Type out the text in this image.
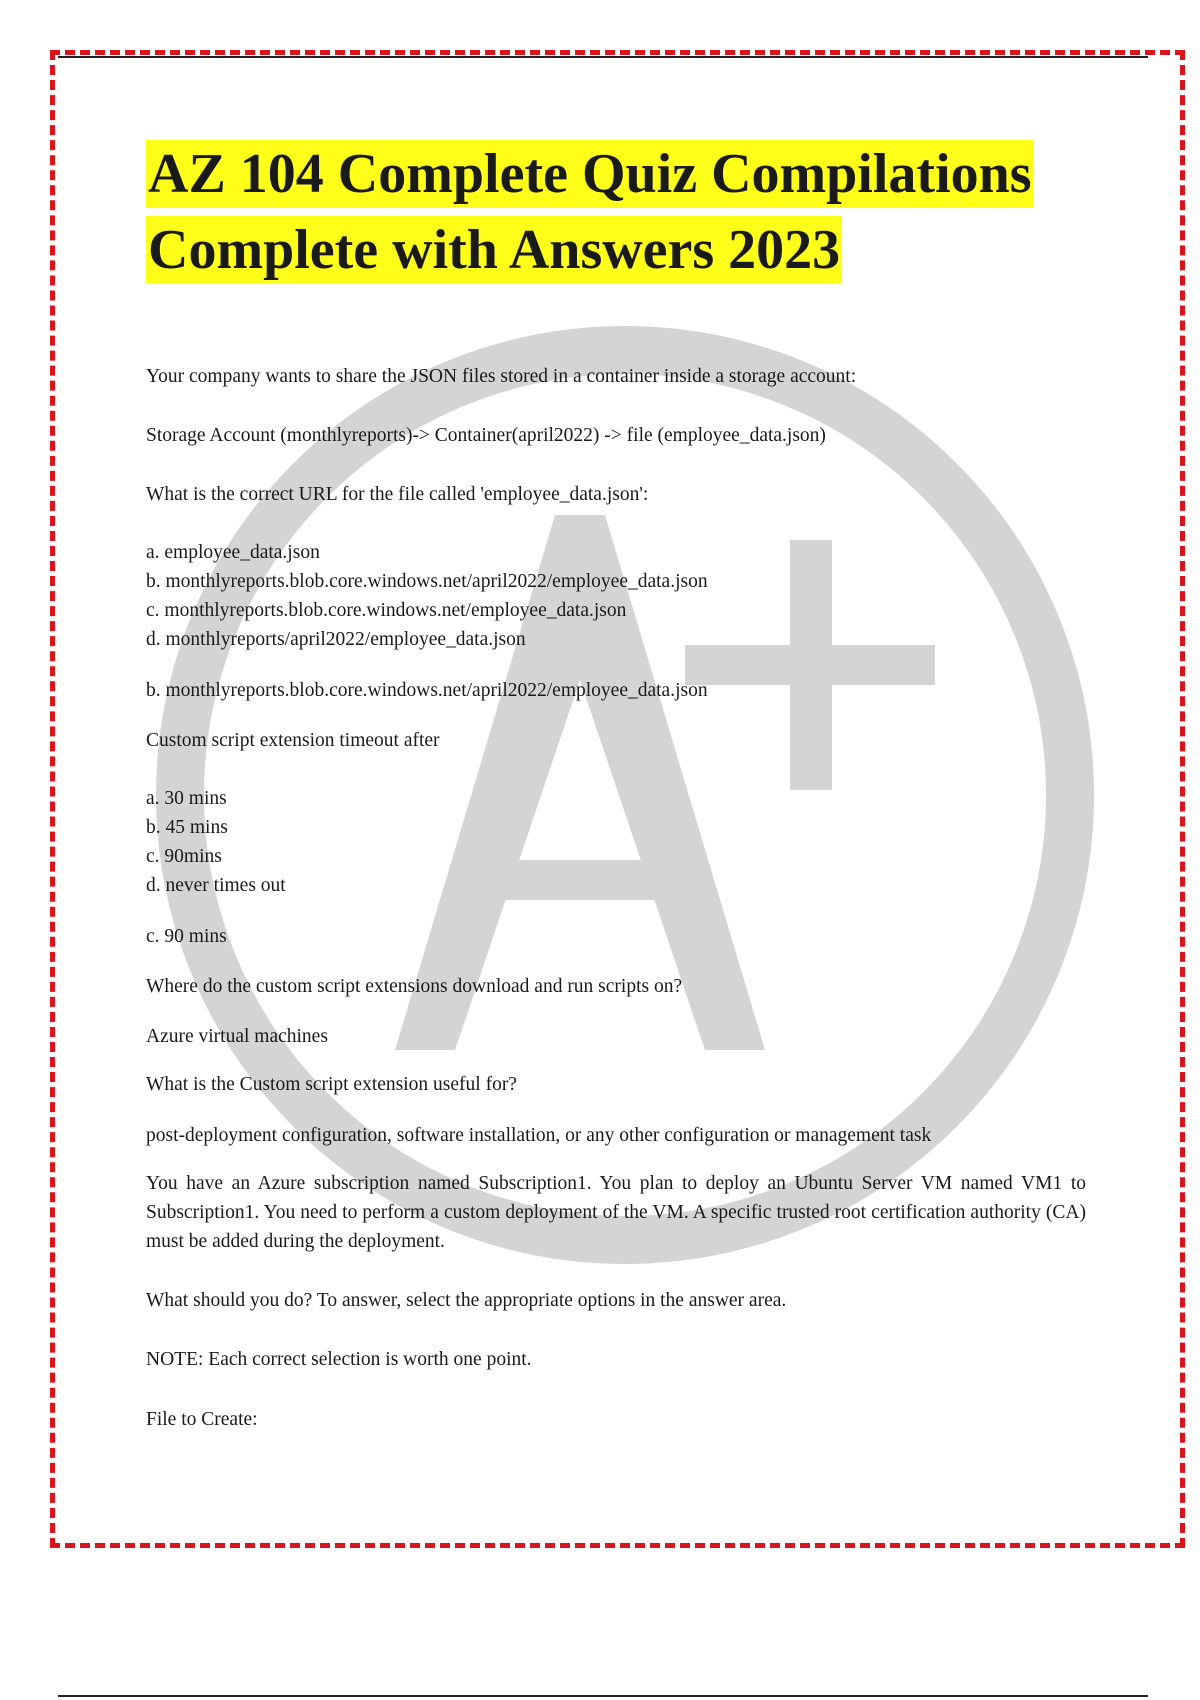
AZ 104 Complete Quiz Compilations
Complete with Answers 2023

Your company wants to share the JSON files stored in a container inside a storage account:

Storage Account (monthlyreports)-> Container(april2022) -> file (employee_data.json)

What is the correct URL for the file called 'employee_data.json':

a. employee_data.json
b. monthlyreports.blob.core.windows.net/april2022/employee_data.json
c. monthlyreports.blob.core.windows.net/employee_data.json
d. monthlyreports/april2022/employee_data.json

b. monthlyreports.blob.core.windows.net/april2022/employee_data.json

Custom script extension timeout after

a. 30 mins
b. 45 mins
c. 90mins
d. never times out

c. 90 mins

Where do the custom script extensions download and run scripts on?

Azure virtual machines

What is the Custom script extension useful for?

post-deployment configuration, software installation, or any other configuration or management task

You have an Azure subscription named Subscription1. You plan to deploy an Ubuntu Server VM named VM1 to Subscription1. You need to perform a custom deployment of the VM. A specific trusted root certification authority (CA) must be added during the deployment.

What should you do? To answer, select the appropriate options in the answer area.

NOTE: Each correct selection is worth one point.

File to Create:
